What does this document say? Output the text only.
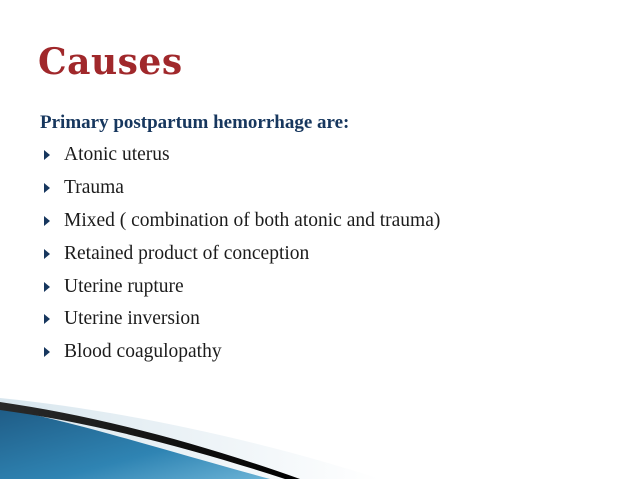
Causes

Primary postpartum hemorrhage are:

Atonic uterus
Trauma
Mixed ( combination of both atonic and trauma)
Retained product of conception
Uterine rupture
Uterine inversion
Blood coagulopathy
